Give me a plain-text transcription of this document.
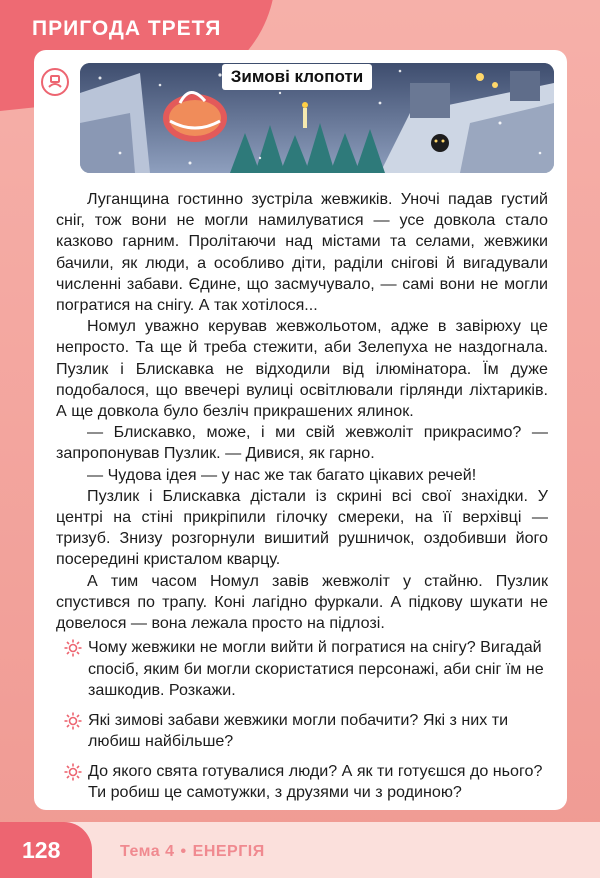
ПРИГОДА ТРЕТЯ
Зимові клопоти

Луганщина гостинно зустріла жевжиків. Уночі падав густий сніг, тож вони не могли намилуватися — усе довкола стало казково гарним. Пролітаючи над містами та селами, жевжики бачили, як люди, а особливо діти, раділи снігові й вигадували численні забави. Єдине, що засмучувало, — самі вони не могли погратися на снігу. А так хотілося...

Номул уважно керував жевжольотом, адже в завірюху це непросто. Та ще й треба стежити, аби Зелепуха не наздогнала. Пузлик і Блискавка не відходили від ілюмінатора. Їм дуже подобалося, що ввечері вулиці освітлювали гірлянди ліхтариків. А ще довкола було безліч прикрашених ялинок.

— Блискавко, може, і ми свій жевжоліт прикрасимо? — запропонував Пузлик. — Дивися, як гарно.

— Чудова ідея — у нас же так багато цікавих речей!

Пузлик і Блискавка дістали із скрині всі свої знахідки. У центрі на стіні прикріпили гілочку смереки, на її верхівці — тризуб. Знизу розгорнули вишитий рушничок, оздобивши його посередині кристалом кварцу.

А тим часом Номул завів жевжоліт у стайню. Пузлик спустився по трапу. Коні лагідно фуркали. А підкову шукати не довелося — вона лежала просто на підлозі.

Чому жевжики не могли вийти й погратися на снігу? Вигадай спосіб, яким би могли скористатися персонажі, аби сніг їм не зашкодив. Розкажи.
Які зимові забави жевжики могли побачити? Які з них ти любиш найбільше?
До якого свята готувалися люди? А як ти готуєшся до нього? Ти робиш це самотужки, з друзями чи з родиною?
128	Тема 4 • ЕНЕРГІЯ
